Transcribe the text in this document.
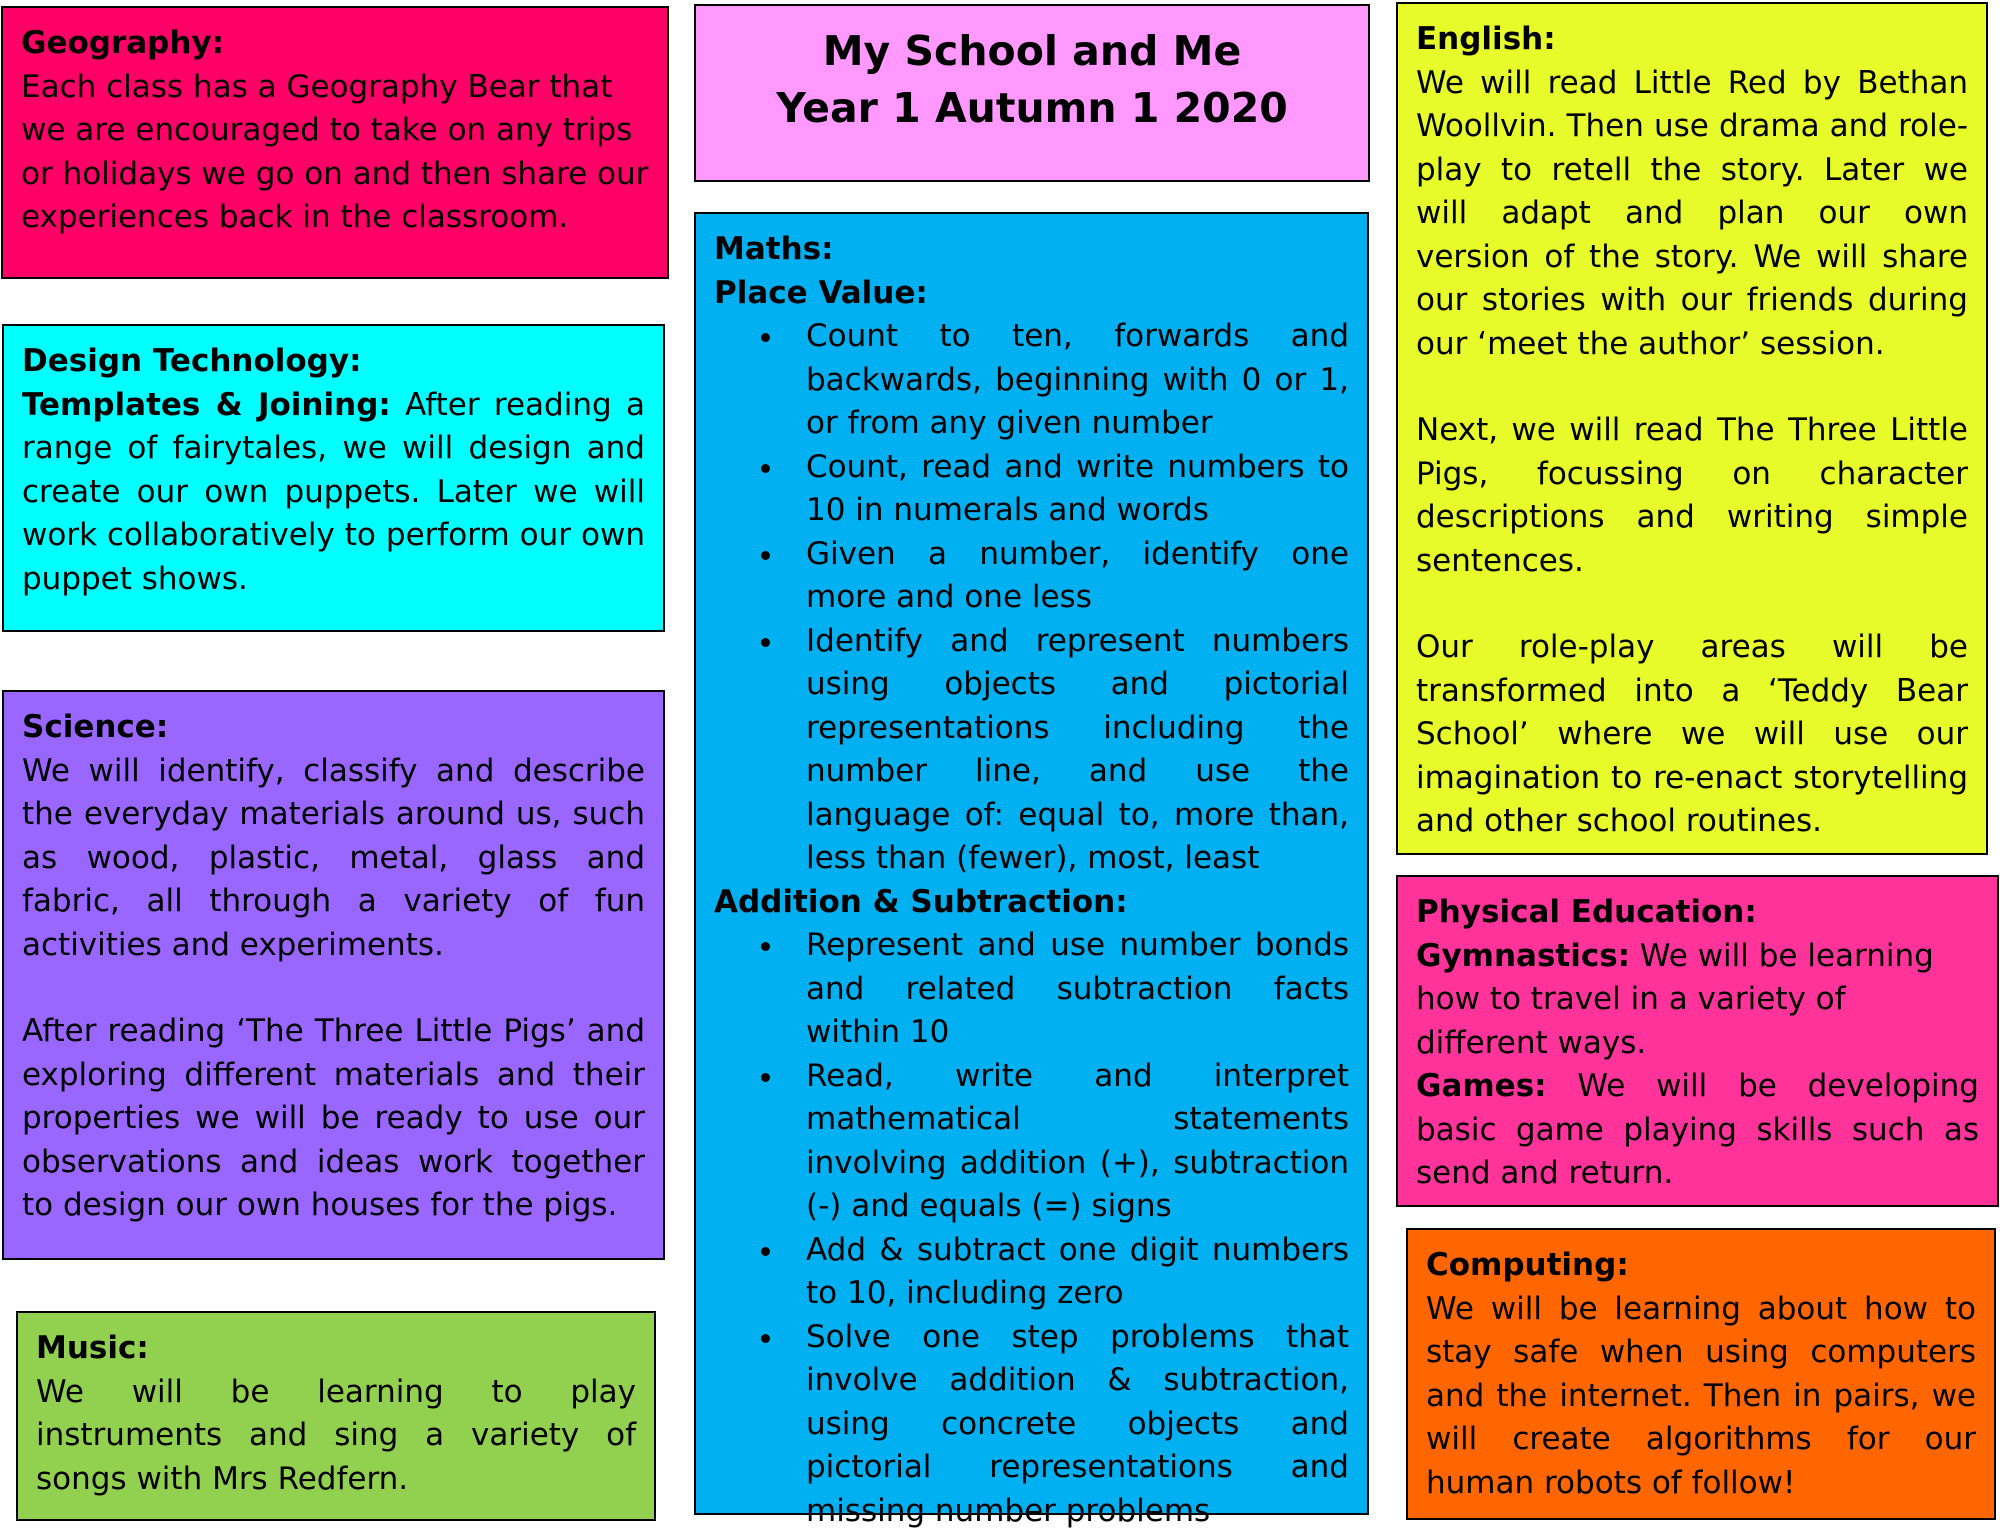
Geography:

Each class has a Geography Bear that we are encouraged to take on any trips or holidays we go on and then share our experiences back in the classroom.

Design Technology:

Templates & Joining: After reading a range of fairytales, we will design and create our own puppets. Later we will work collaboratively to perform our own puppet shows.

Science:

We will identify, classify and describe the everyday materials around us, such as wood, plastic, metal, glass and fabric, all through a variety of fun activities and experiments.

After reading ‘The Three Little Pigs’ and exploring different materials and their properties we will be ready to use our observations and ideas work together to design our own houses for the pigs.

Music:

We will be learning to play instruments and sing a variety of songs with Mrs Redfern.

My School and Me
Year 1 Autumn 1 2020
Maths:
Place Value:
Count to ten, forwards and backwards, beginning with 0 or 1, or from any given number
Count, read and write numbers to 10 in numerals and words
Given a number, identify one more and one less
Identify and represent numbers using objects and pictorial representations including the number line, and use the language of: equal to, more than, less than (fewer), most, least
Addition & Subtraction:
Represent and use number bonds and related subtraction facts within 10
Read, write and interpret mathematical statements involving addition (+), subtraction (-) and equals (=) signs
Add & subtract one digit numbers to 10, including zero
Solve one step problems that involve addition & subtraction, using concrete objects and pictorial representations and missing number problems
English:

We will read Little Red by Bethan Woollvin. Then use drama and role-play to retell the story. Later we will adapt and plan our own version of the story. We will share our stories with our friends during our ‘meet the author’ session.

Next, we will read The Three Little Pigs, focussing on character descriptions and writing simple sentences.

Our role-play areas will be transformed into a ‘Teddy Bear School’ where we will use our imagination to re-enact storytelling and other school routines.

Physical Education:

Gymnastics: We will be learning how to travel in a variety of different ways.

Games: We will be developing basic game playing skills such as send and return.

Computing:

We will be learning about how to stay safe when using computers and the internet. Then in pairs, we will create algorithms for our human robots of follow!
